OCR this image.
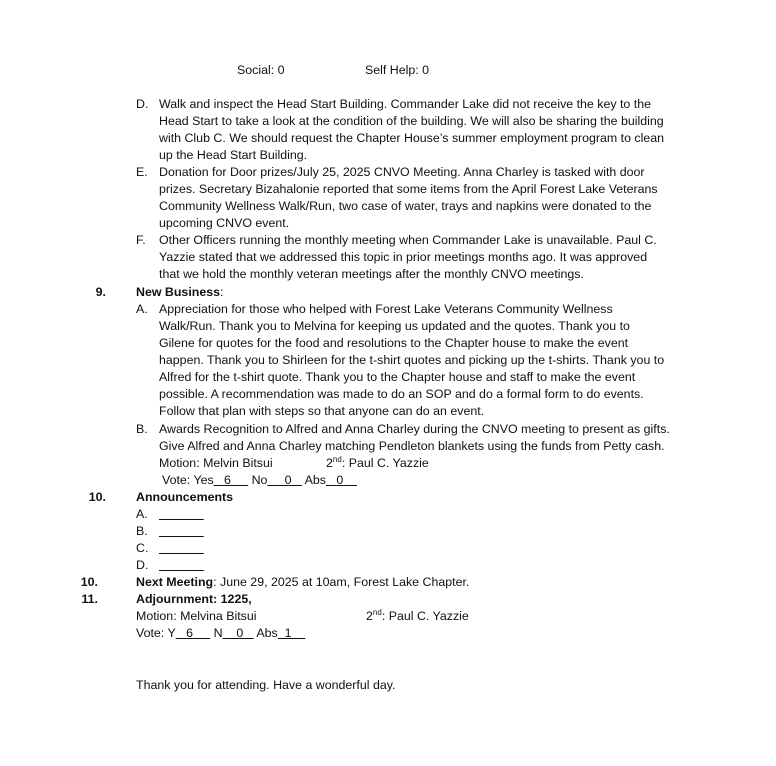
Social: 0	Self Help: 0
D. Walk and inspect the Head Start Building. Commander Lake did not receive the key to the
Head Start to take a look at the condition of the building. We will also be sharing the building
with Club C. We should request the Chapter House’s summer employment program to clean
up the Head Start Building.
E. Donation for Door prizes/July 25, 2025 CNVO Meeting. Anna Charley is tasked with door
prizes. Secretary Bizahalonie reported that some items from the April Forest Lake Veterans
Community Wellness Walk/Run, two case of water, trays and napkins were donated to the
upcoming CNVO event.
F. Other Officers running the monthly meeting when Commander Lake is unavailable. Paul C.
Yazzie stated that we addressed this topic in prior meetings months ago. It was approved
that we hold the monthly veteran meetings after the monthly CNVO meetings.
9. New Business:
A. Appreciation for those who helped with Forest Lake Veterans Community Wellness
Walk/Run. Thank you to Melvina for keeping us updated and the quotes. Thank you to
Gilene for quotes for the food and resolutions to the Chapter house to make the event
happen. Thank you to Shirleen for the t-shirt quotes and picking up the t-shirts. Thank you to
Alfred for the t-shirt quote. Thank you to the Chapter house and staff to make the event
possible. A recommendation was made to do an SOP and do a formal form to do events.
Follow that plan with steps so that anyone can do an event.
B. Awards Recognition to Alfred and Anna Charley during the CNVO meeting to present as gifts.
Give Alfred and Anna Charley matching Pendleton blankets using the funds from Petty cash.
Motion: Melvin Bitsui	2nd: Paul C. Yazzie
Vote: Yes 6 No 0 Abs 0
10. Announcements
A.

B.

C.

D.

10.	Next Meeting: June 29, 2025 at 10am, Forest Lake Chapter.
11.	Adjournment: 1225,
Motion: Melvina Bitsui	2nd: Paul C. Yazzie
Vote: Y 6 N 0 Abs 1
Thank you for attending. Have a wonderful day.
